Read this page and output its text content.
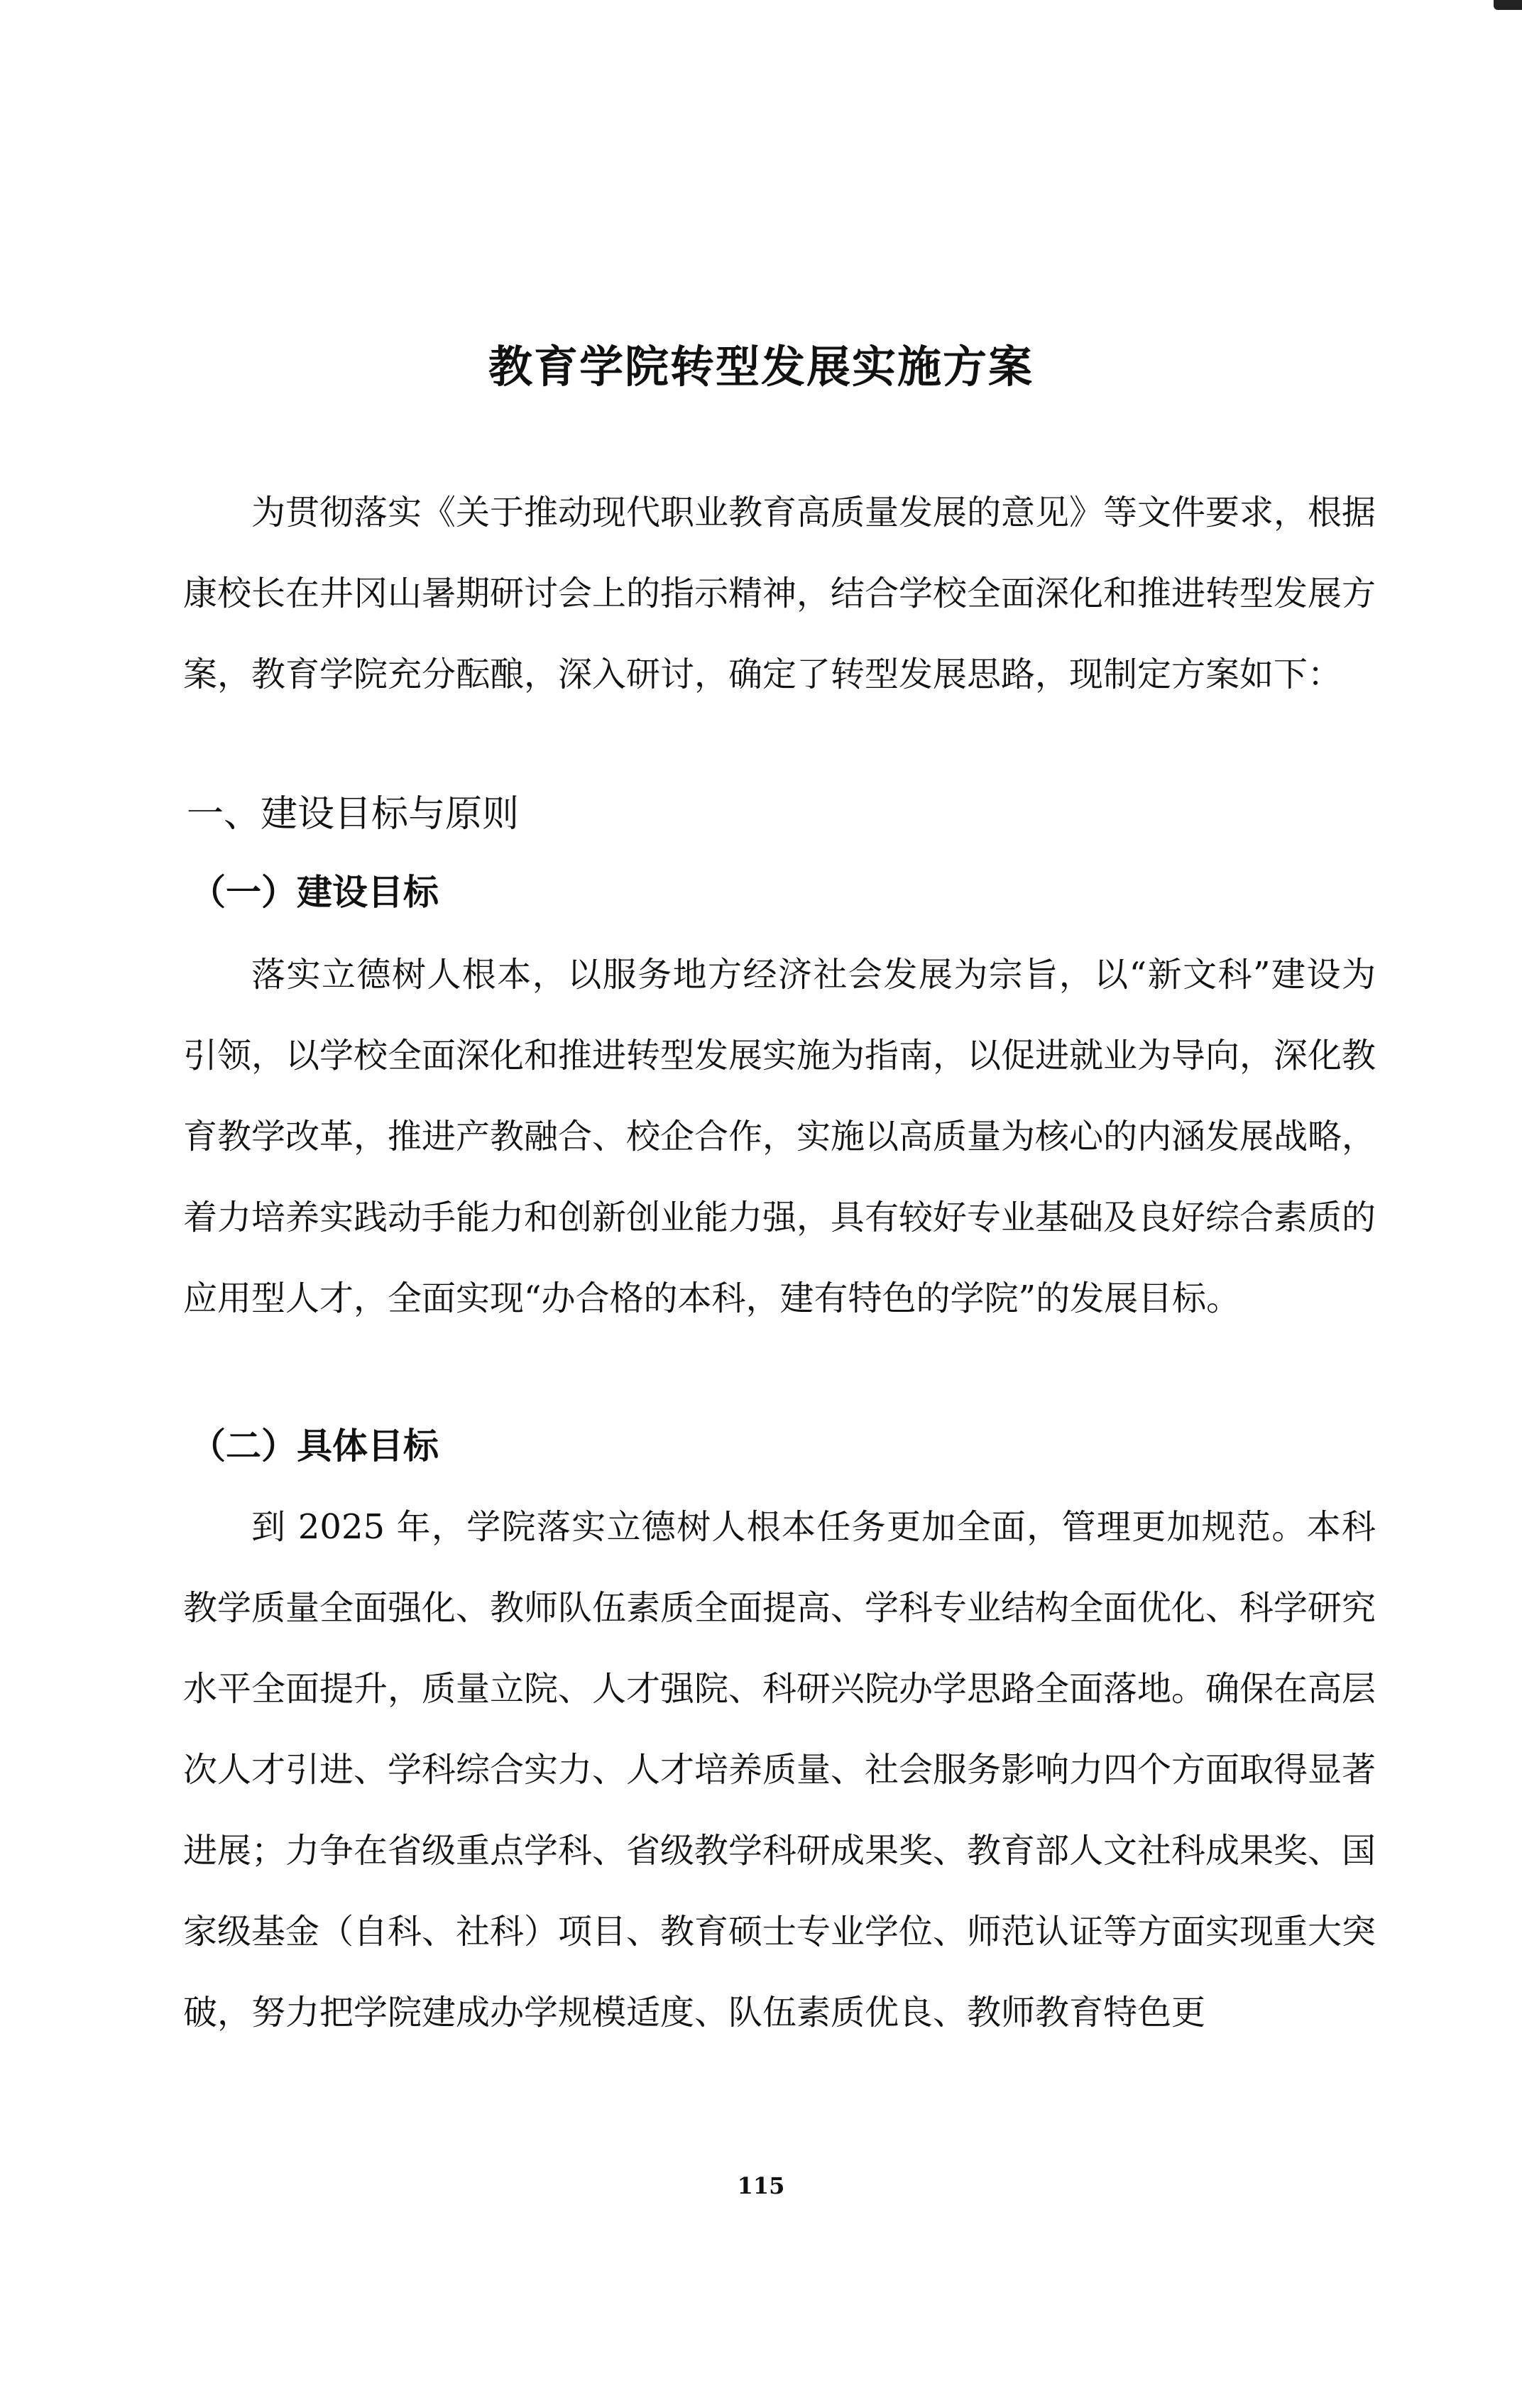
教育学院转型发展实施方案

为贯彻落实《关于推动现代职业教育高质量发展的意见》等文件要求，根据康校长在井冈山暑期研讨会上的指示精神，结合学校全面深化和推进转型发展方案，教育学院充分酝酿，深入研讨，确定了转型发展思路，现制定方案如下：

一、建设目标与原则
（一）建设目标

落实立德树人根本，以服务地方经济社会发展为宗旨，以“新文科”建设为引领，以学校全面深化和推进转型发展实施为指南，以促进就业为导向，深化教育教学改革，推进产教融合、校企合作，实施以高质量为核心的内涵发展战略，着力培养实践动手能力和创新创业能力强，具有较好专业基础及良好综合素质的应用型人才，全面实现“办合格的本科，建有特色的学院”的发展目标。

（二）具体目标

到 2025 年，学院落实立德树人根本任务更加全面，管理更加规范。本科教学质量全面强化、教师队伍素质全面提高、学科专业结构全面优化、科学研究水平全面提升，质量立院、人才强院、科研兴院办学思路全面落地。确保在高层次人才引进、学科综合实力、人才培养质量、社会服务影响力四个方面取得显著进展；力争在省级重点学科、省级教学科研成果奖、教育部人文社科成果奖、国家级基金（自科、社科）项目、教育硕士专业学位、师范认证等方面实现重大突破，努力把学院建成办学规模适度、队伍素质优良、教师教育特色更

115
